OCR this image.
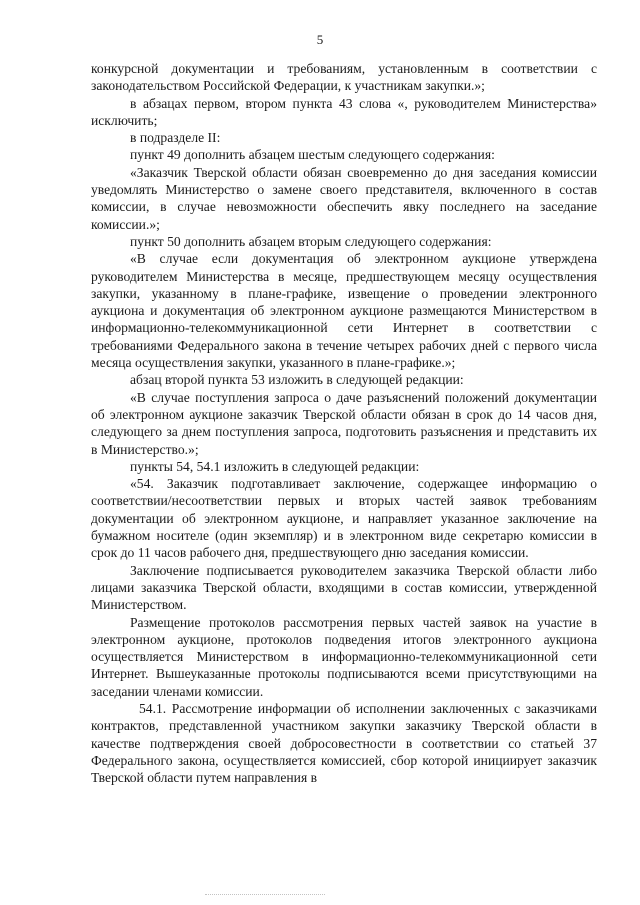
5

конкурсной документации и требованиям, установленным в соответствии с законодательством Российской Федерации, к участникам закупки.»;

в абзацах первом, втором пункта 43 слова «, руководителем Министерства» исключить;

в подразделе II:

пункт 49 дополнить абзацем шестым следующего содержания:

«Заказчик Тверской области обязан своевременно до дня заседания комиссии уведомлять Министерство о замене своего представителя, включенного в состав комиссии, в случае невозможности обеспечить явку последнего на заседание комиссии.»;

пункт 50 дополнить абзацем вторым следующего содержания:

«В случае если документация об электронном аукционе утверждена руководителем Министерства в месяце, предшествующем месяцу осуществления закупки, указанному в плане-графике, извещение о проведении электронного аукциона и документация об электронном аукционе размещаются Министерством в информационно-телекоммуникационной сети Интернет в соответствии с требованиями Федерального закона в течение четырех рабочих дней с первого числа месяца осуществления закупки, указанного в плане-графике.»;

абзац второй пункта 53 изложить в следующей редакции:

«В случае поступления запроса о даче разъяснений положений документации об электронном аукционе заказчик Тверской области обязан в срок до 14 часов дня, следующего за днем поступления запроса, подготовить разъяснения и представить их в Министерство.»;

пункты 54, 54.1 изложить в следующей редакции:

«54. Заказчик подготавливает заключение, содержащее информацию о соответствии/несоответствии первых и вторых частей заявок требованиям документации об электронном аукционе, и направляет указанное заключение на бумажном носителе (один экземпляр) и в электронном виде секретарю комиссии в срок до 11 часов рабочего дня, предшествующего дню заседания комиссии.

Заключение подписывается руководителем заказчика Тверской области либо лицами заказчика Тверской области, входящими в состав комиссии, утвержденной Министерством.

Размещение протоколов рассмотрения первых частей заявок на участие в электронном аукционе, протоколов подведения итогов электронного аукциона осуществляется Министерством в информационно-телекоммуникационной сети Интернет. Вышеуказанные протоколы подписываются всеми присутствующими на заседании членами комиссии.

54.1. Рассмотрение информации об исполнении заключенных с заказчиками контрактов, представленной участником закупки заказчику Тверской области в качестве подтверждения своей добросовестности в соответствии со статьей 37 Федерального закона, осуществляется комиссией, сбор которой инициирует заказчик Тверской области путем направления в
